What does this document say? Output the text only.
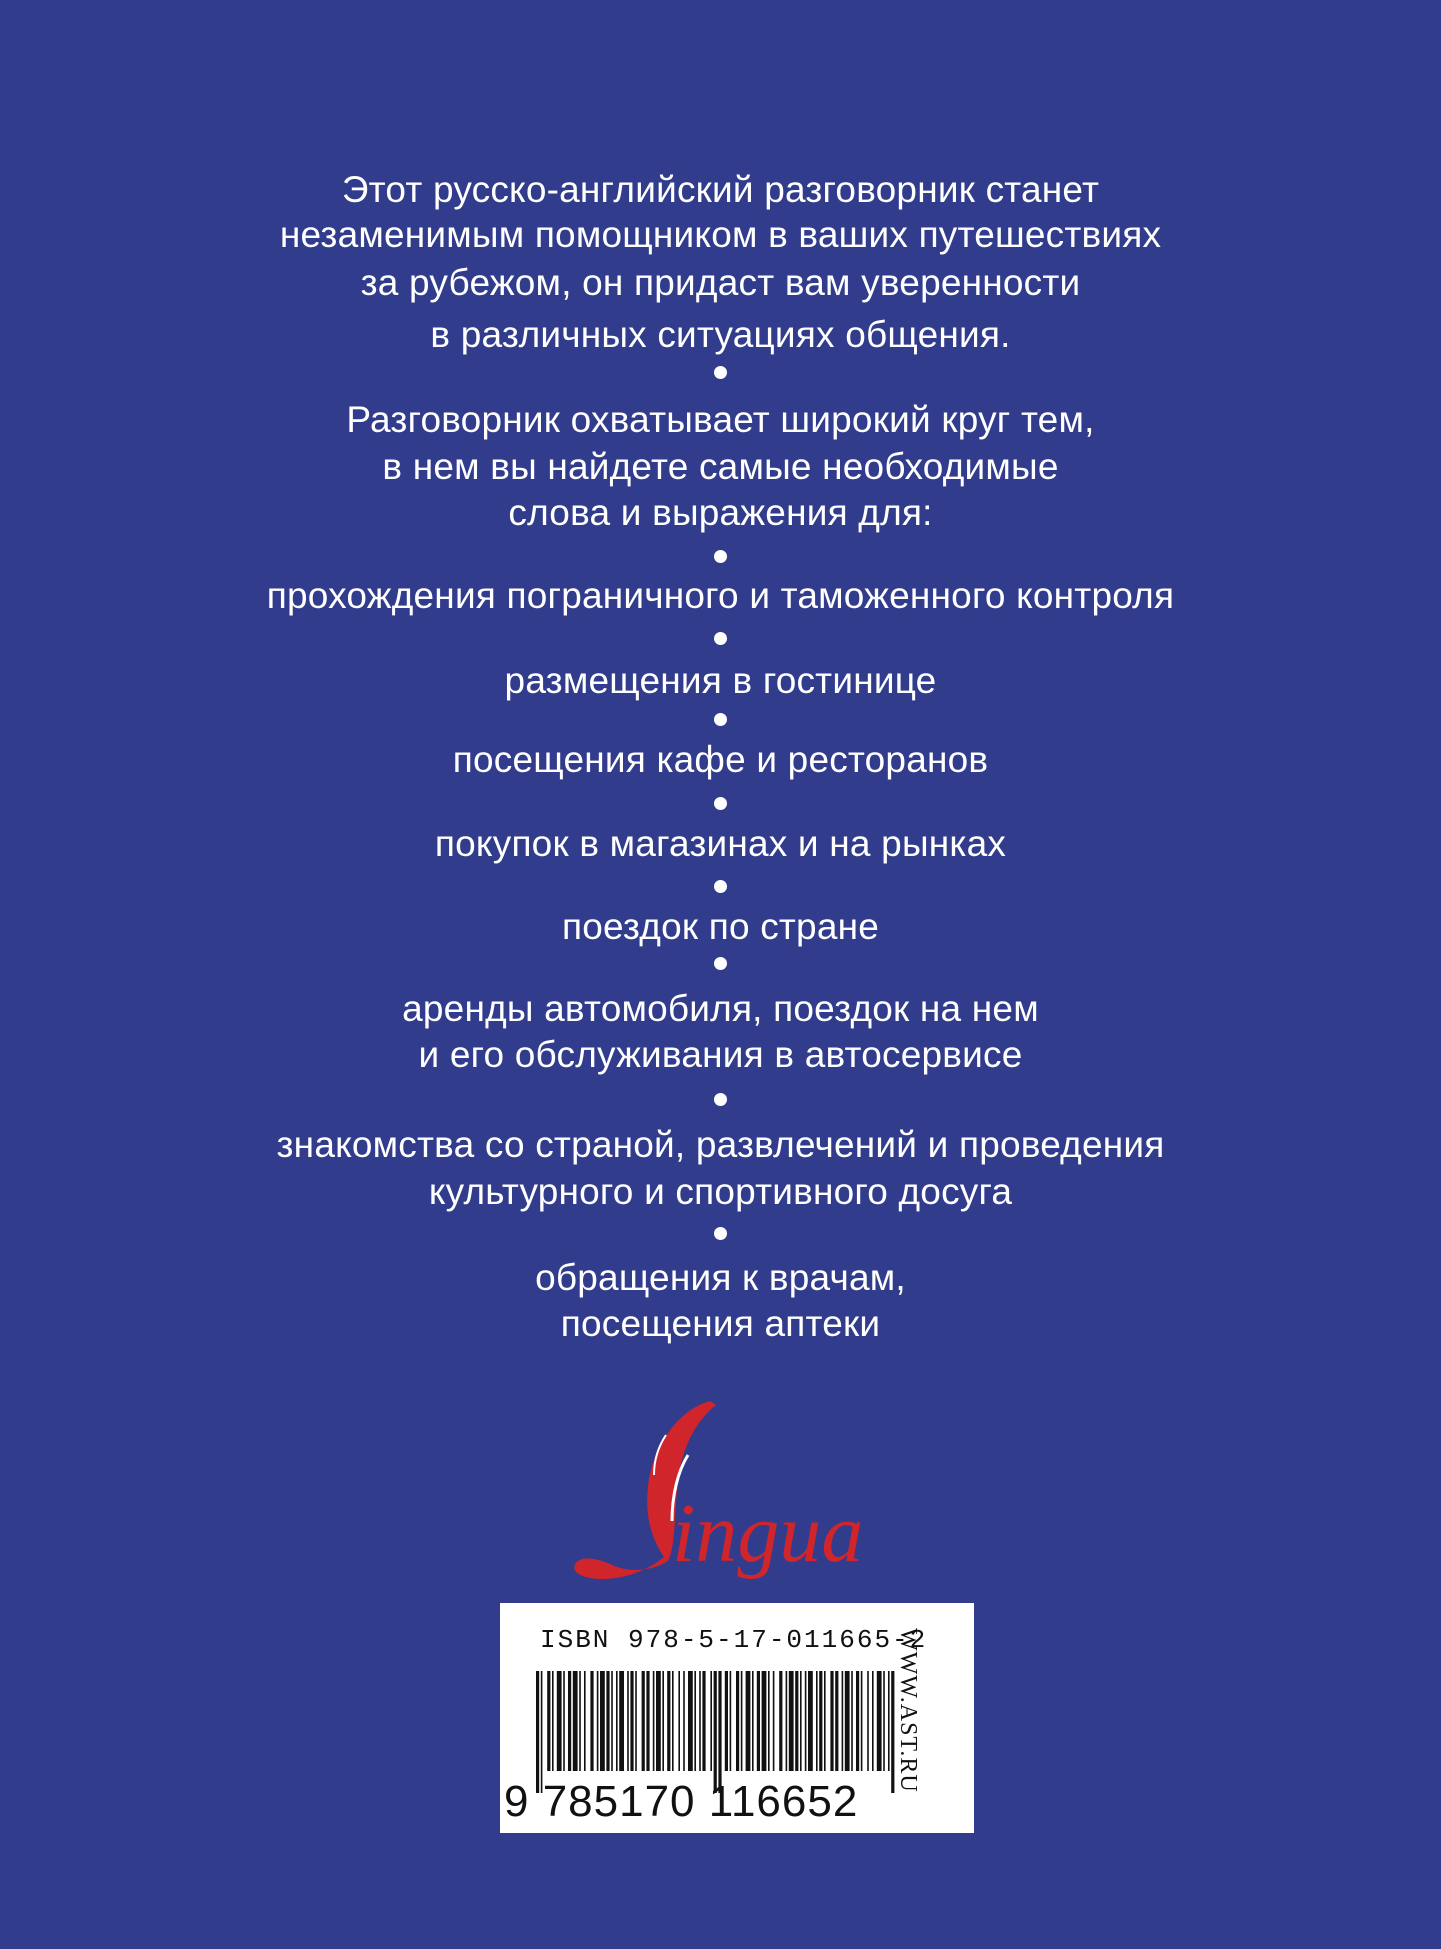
Этот русско-английский разговорник станет
незаменимым помощником в ваших путешествиях
за рубежом, он придаст вам уверенности
в различных ситуациях общения.
Разговорник охватывает широкий круг тем,
в нем вы найдете самые необходимые
слова и выражения для:
прохождения пограничного и таможенного контроля
размещения в гостинице
посещения кафе и ресторанов
покупок в магазинах и на рынках
поездок по стране
аренды автомобиля, поездок на нем
и его обслуживания в автосервисе
знакомства со страной, развлечений и проведения
культурного и спортивного досуга
обращения к врачам,
посещения аптеки
ingua
ISBN 978-5-17-011665-2
9 785170 116652
WWW.AST.RU
